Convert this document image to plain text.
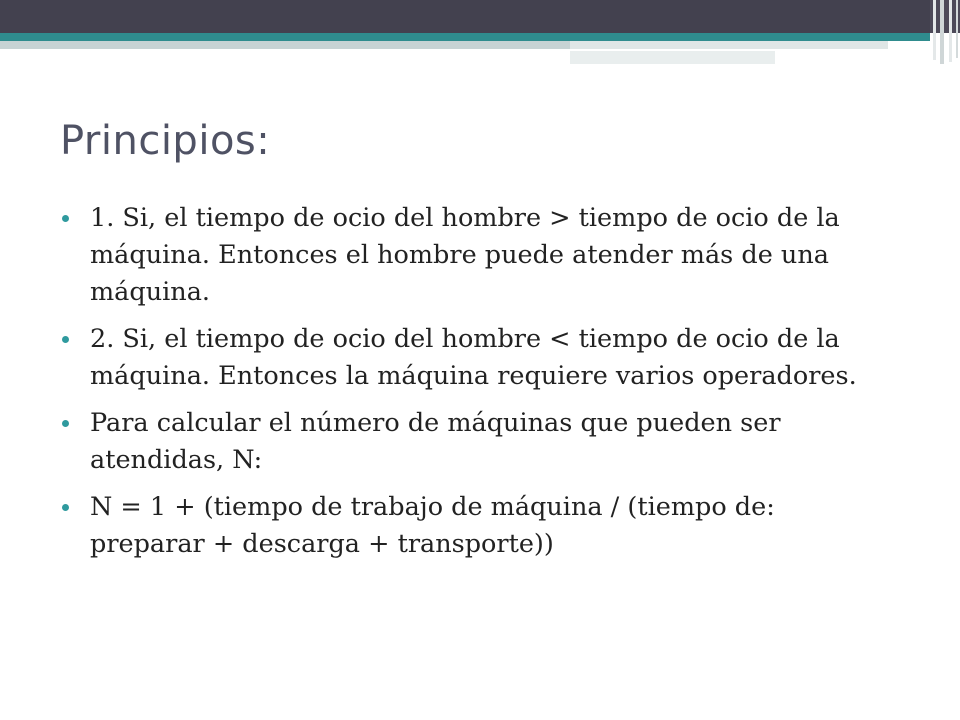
Principios:
1. Si, el tiempo de ocio del hombre > tiempo de ocio de la máquina. Entonces el hombre puede atender más de una máquina.
2. Si, el tiempo de ocio del hombre < tiempo de ocio de la máquina. Entonces la máquina requiere varios operadores.
Para calcular el número de máquinas que pueden ser atendidas, N:
N = 1 + (tiempo de trabajo de máquina / (tiempo de: preparar + descarga + transporte))
